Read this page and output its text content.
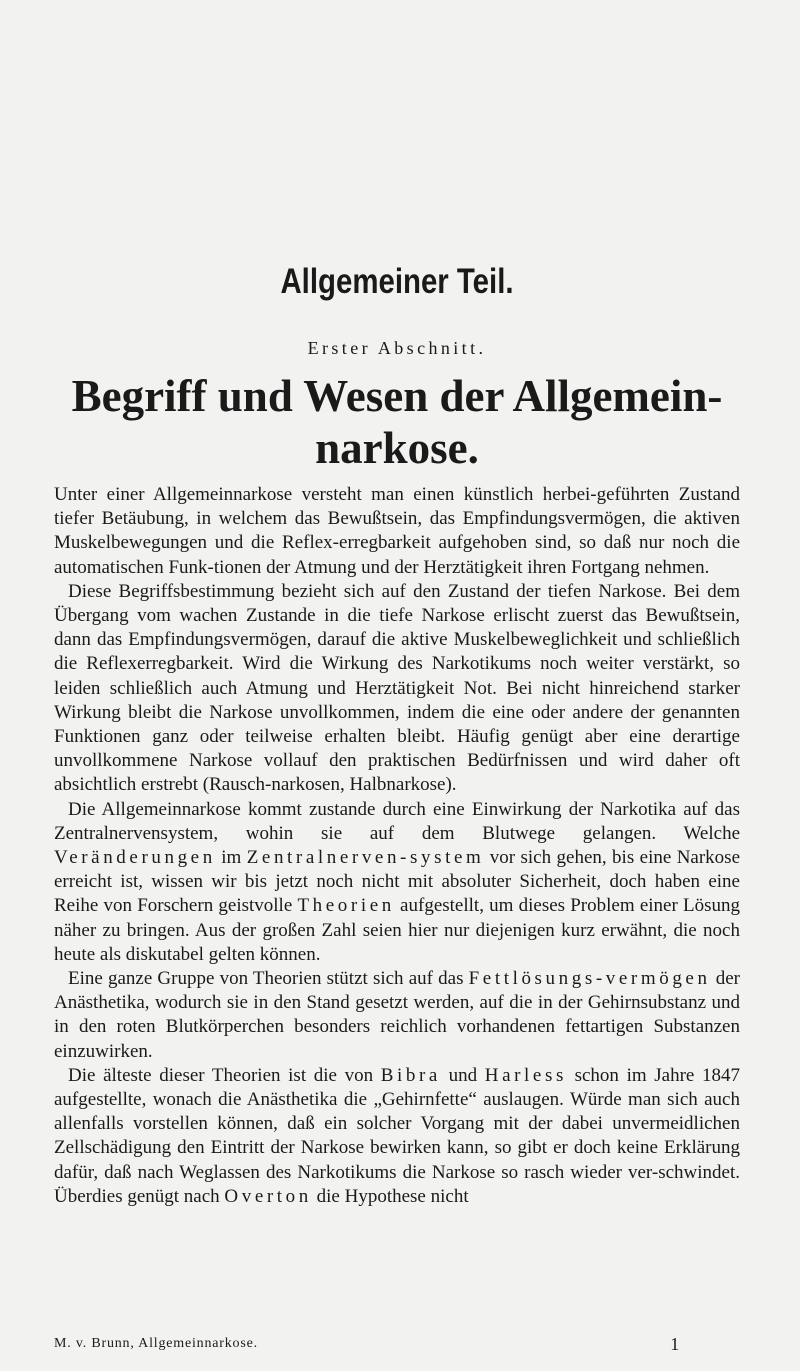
Allgemeiner Teil.
Erster Abschnitt.
Begriff und Wesen der Allgemein-
narkose.

Unter einer Allgemeinnarkose versteht man einen künstlich herbei-geführten Zustand tiefer Betäubung, in welchem das Bewußtsein, das Empfindungsvermögen, die aktiven Muskelbewegungen und die Reflex-erregbarkeit aufgehoben sind, so daß nur noch die automatischen Funk-tionen der Atmung und der Herztätigkeit ihren Fortgang nehmen.

Diese Begriffsbestimmung bezieht sich auf den Zustand der tiefen Narkose. Bei dem Übergang vom wachen Zustande in die tiefe Narkose erlischt zuerst das Bewußtsein, dann das Empfindungsvermögen, darauf die aktive Muskelbeweglichkeit und schließlich die Reflexerregbarkeit. Wird die Wirkung des Narkotikums noch weiter verstärkt, so leiden schließlich auch Atmung und Herztätigkeit Not. Bei nicht hinreichend starker Wirkung bleibt die Narkose unvollkommen, indem die eine oder andere der genannten Funktionen ganz oder teilweise erhalten bleibt. Häufig genügt aber eine derartige unvollkommene Narkose vollauf den praktischen Bedürfnissen und wird daher oft absichtlich erstrebt (Rausch-narkosen, Halbnarkose).

Die Allgemeinnarkose kommt zustande durch eine Einwirkung der Narkotika auf das Zentralnervensystem, wohin sie auf dem Blutwege gelangen. Welche Veränderungen im Zentralnerven-system vor sich gehen, bis eine Narkose erreicht ist, wissen wir bis jetzt noch nicht mit absoluter Sicherheit, doch haben eine Reihe von Forschern geistvolle Theorien aufgestellt, um dieses Problem einer Lösung näher zu bringen. Aus der großen Zahl seien hier nur diejenigen kurz erwähnt, die noch heute als diskutabel gelten können.

Eine ganze Gruppe von Theorien stützt sich auf das Fettlösungs-vermögen der Anästhetika, wodurch sie in den Stand gesetzt werden, auf die in der Gehirnsubstanz und in den roten Blutkörperchen besonders reichlich vorhandenen fettartigen Substanzen einzuwirken.

Die älteste dieser Theorien ist die von Bibra und Harless schon im Jahre 1847 aufgestellte, wonach die Anästhetika die „Gehirnfette“ auslaugen. Würde man sich auch allenfalls vorstellen können, daß ein solcher Vorgang mit der dabei unvermeidlichen Zellschädigung den Eintritt der Narkose bewirken kann, so gibt er doch keine Erklärung dafür, daß nach Weglassen des Narkotikums die Narkose so rasch wieder ver-schwindet. Überdies genügt nach Overton die Hypothese nicht

M. v. Brunn, Allgemeinnarkose.	1
